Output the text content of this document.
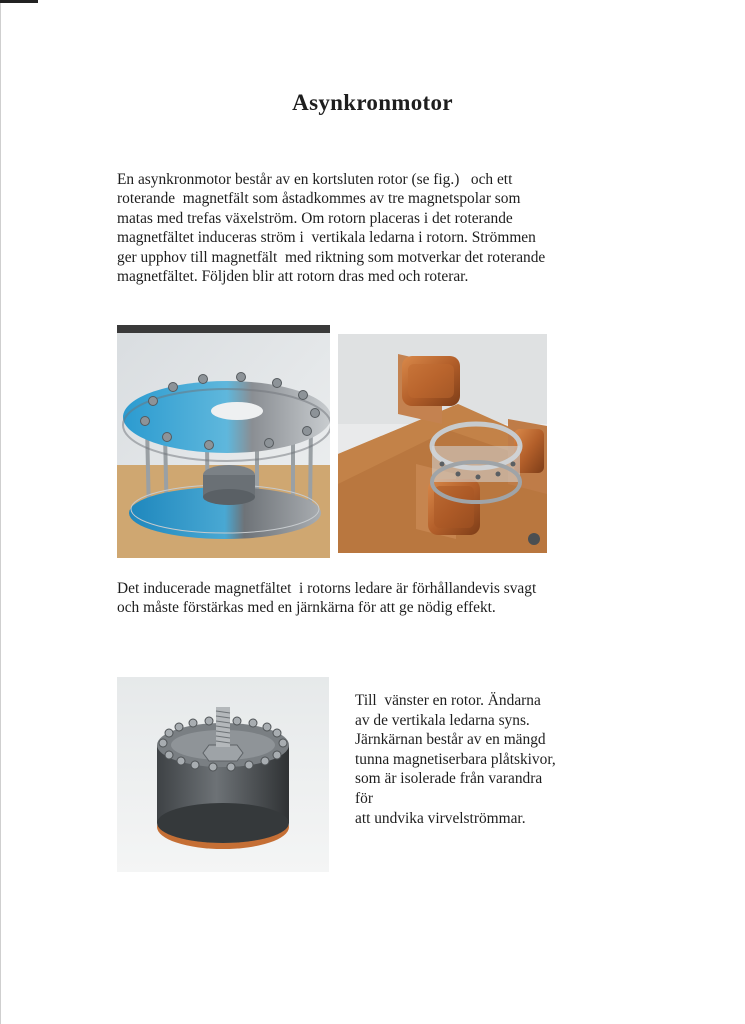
Asynkronmotor

En asynkronmotor består av en kortsluten rotor (se fig.)   och ett
roterande  magnetfält som åstadkommes av tre magnetspolar som
matas med trefas växelström. Om rotorn placeras i det roterande
magnetfältet induceras ström i  vertikala ledarna i rotorn. Strömmen
ger upphov till magnetfält  med riktning som motverkar det roterande
magnetfältet. Följden blir att rotorn dras med och roterar.

Det inducerade magnetfältet  i rotorns ledare är förhållandevis svagt
och måste förstärkas med en järnkärna för att ge nödig effekt.

Till  vänster en rotor. Ändarna
av de vertikala ledarna syns.
Järnkärnan består av en mängd
tunna magnetiserbara plåtskivor,
som är isolerade från varandra
för
att undvika virvelströmmar.
